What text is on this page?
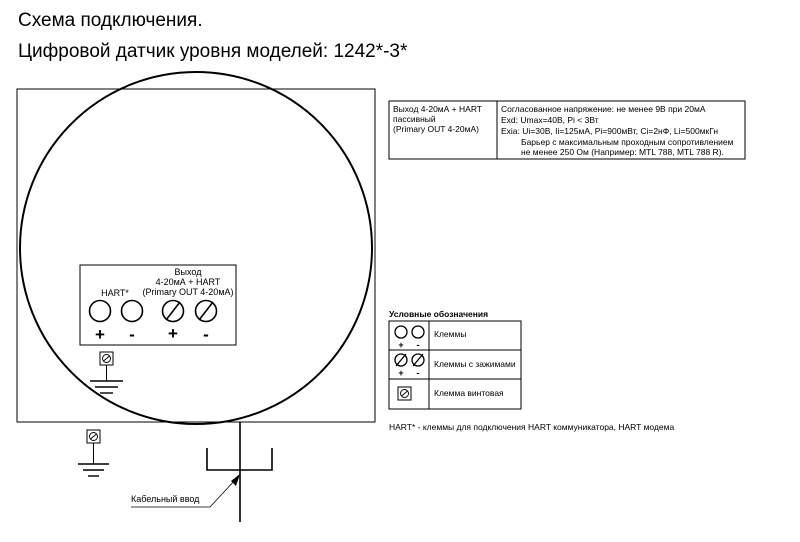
Схема подключения.
Цифровой датчик уровня моделей: 1242*-3*
HART*
Выход
4-20мА + HART
(Primary OUT 4-20мА)
+ - + -
Кабельный ввод
Выход 4-20мА + HART
пассивный
(Primary OUT 4-20мА)
Согласованное напряжение: не менее 9В при 20мА
Exd: Umax=40В, Pi < 3Вт
Exia: Ui=30В, Ii=125мА, Pi=900мВт, Ci=2нФ, Li=500мкГн
Барьер с максимальным проходным сопротивлением
не менее 250 Ом (Например: MTL 788, MTL 788 R).
Условные обозначения
+ -
Клеммы
+ -
Клеммы с зажимами
Клемма винтовая
HART* - клеммы для подключения HART коммуникатора, HART модема
